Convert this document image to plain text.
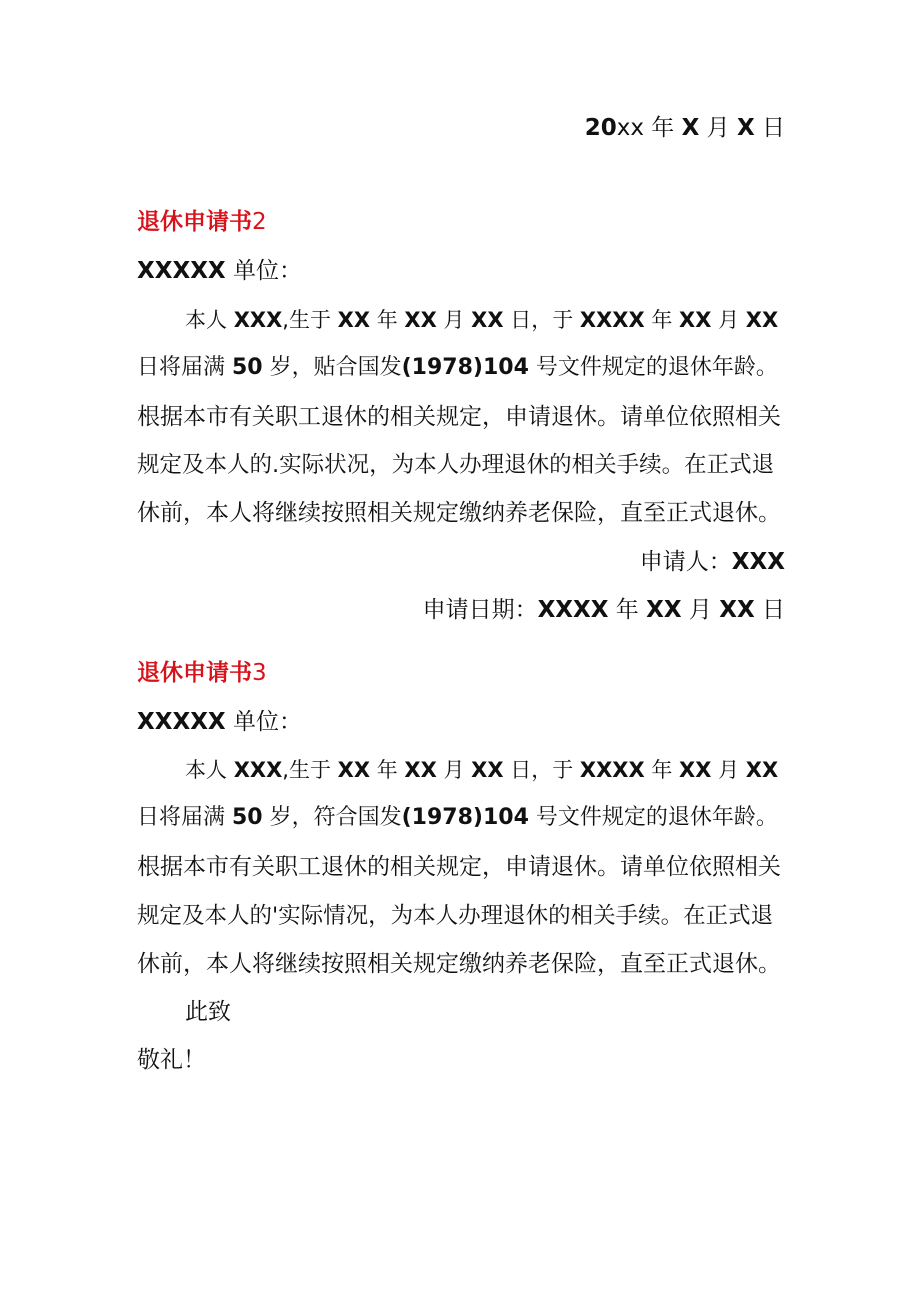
20xx 年 X 月 X 日
退休申请书2
XXXXX 单位：
本人 XXX,生于 XX 年 XX 月 XX 日，于 XXXX 年 XX 月 XX
日将届满 50 岁，贴合国发(1978)104 号文件规定的退休年龄。
根据本市有关职工退休的相关规定，申请退休。请单位依照相关
规定及本人的.实际状况，为本人办理退休的相关手续。在正式退
休前，本人将继续按照相关规定缴纳养老保险，直至正式退休。
申请人：XXX
申请日期：XXXX 年 XX 月 XX 日
退休申请书3
XXXXX 单位：
本人 XXX,生于 XX 年 XX 月 XX 日，于 XXXX 年 XX 月 XX
日将届满 50 岁，符合国发(1978)104 号文件规定的退休年龄。
根据本市有关职工退休的相关规定，申请退休。请单位依照相关
规定及本人的'实际情况，为本人办理退休的相关手续。在正式退
休前，本人将继续按照相关规定缴纳养老保险，直至正式退休。
此致
敬礼！
